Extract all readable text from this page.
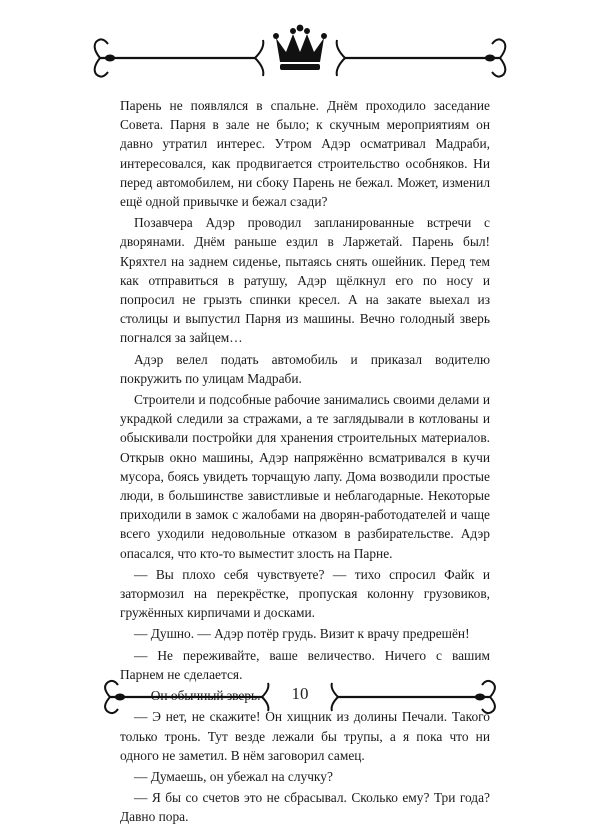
Парень не появлялся в спальне. Днём проходило заседание Совета. Парня в зале не было; к скучным мероприятиям он давно утратил интерес. Утром Адэр осматривал Мадраби, интересовался, как продвигается строительство особняков. Ни перед автомобилем, ни сбоку Парень не бежал. Может, изменил ещё одной привычке и бежал сзади?

Позавчера Адэр проводил запланированные встречи с дворянами. Днём раньше ездил в Ларжетай. Парень был! Кряхтел на заднем сиденье, пытаясь снять ошейник. Перед тем как отправиться в ратушу, Адэр щёлкнул его по носу и попросил не грызть спинки кресел. А на закате выехал из столицы и выпустил Парня из машины. Вечно голодный зверь погнался за зайцем…

Адэр велел подать автомобиль и приказал водителю покружить по улицам Мадраби.

Строители и подсобные рабочие занимались своими делами и украдкой следили за стражами, а те заглядывали в котлованы и обыскивали постройки для хранения строительных материалов. Открыв окно машины, Адэр напряжённо всматривался в кучи мусора, боясь увидеть торчащую лапу. Дома возводили простые люди, в большинстве завистливые и неблагодарные. Некоторые приходили в замок с жалобами на дворян-работодателей и чаще всего уходили недовольные отказом в разбирательстве. Адэр опасался, что кто-то выместит злость на Парне.

— Вы плохо себя чувствуете? — тихо спросил Файк и затормозил на перекрёстке, пропуская колонну грузовиков, гружённых кирпичами и досками.

— Душно. — Адэр потёр грудь. Визит к врачу предрешён!

— Не переживайте, ваше величество. Ничего с вашим Парнем не сделается.

— Он обычный зверь.

— Э нет, не скажите! Он хищник из долины Печали. Такого только тронь. Тут везде лежали бы трупы, а я пока что ни одного не заметил. В нём заговорил самец.

— Думаешь, он убежал на случку?

— Я бы со счетов это не сбрасывал. Сколько ему? Три года? Давно пора.

10
